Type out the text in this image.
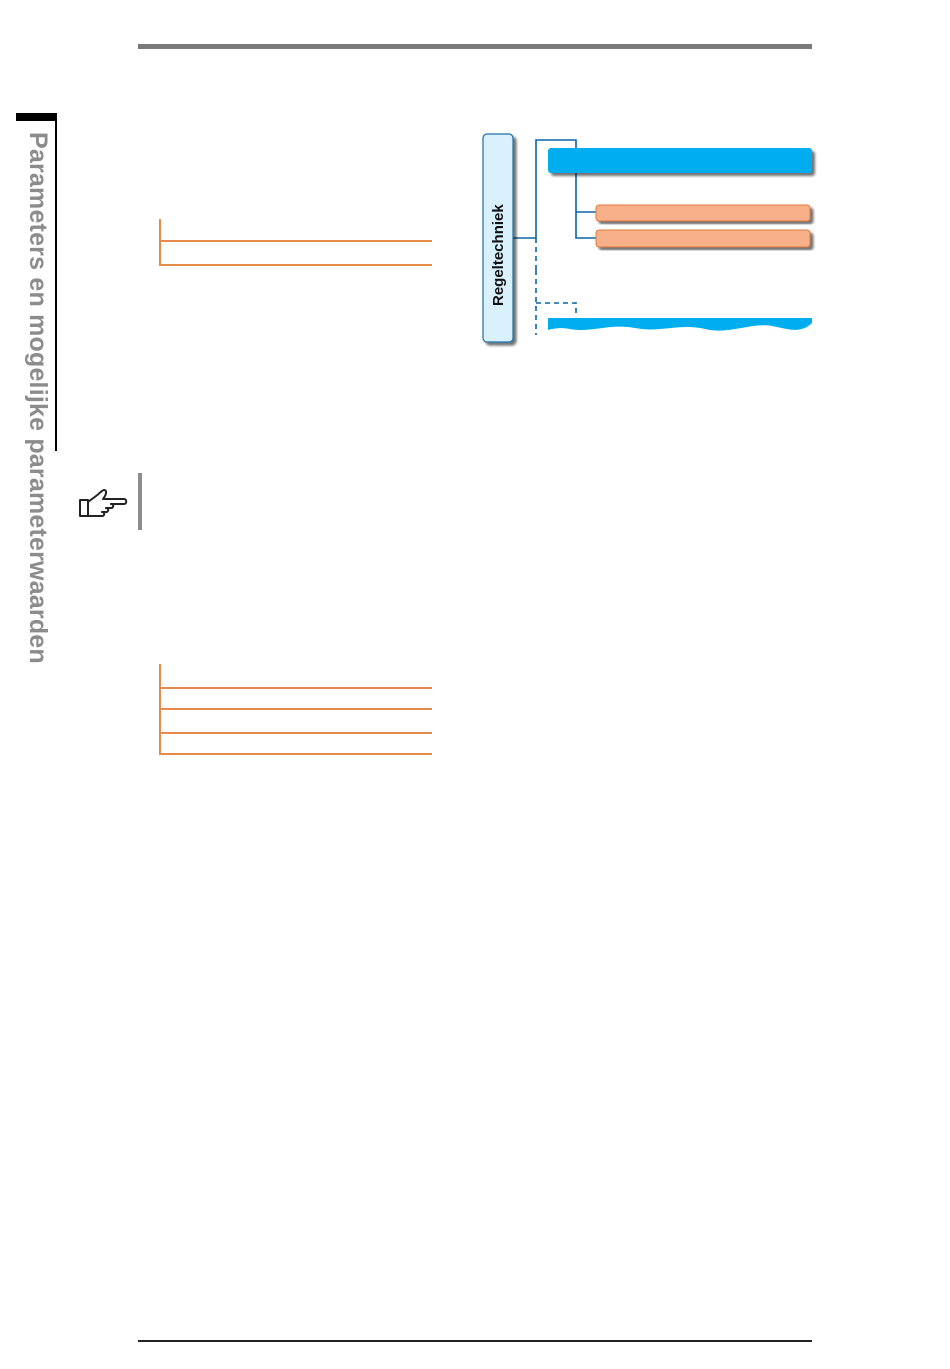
Parameters en mogelijke parameterwaarden	Regeltechniek
